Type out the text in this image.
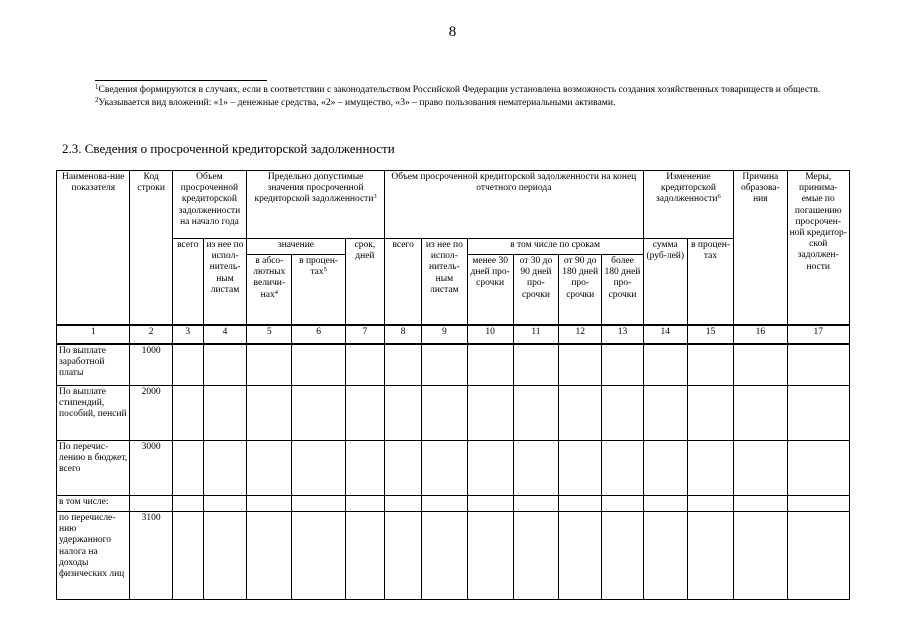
8
$^1$Сведения формируются в случаях, если в соответствии с законодательством Российской Федерации установлена возможность создания хозяйственных товариществ и обществ.
$^2$Указывается вид вложений: «1» – денежные средства, «2» – имущество, «3» – право пользования нематериальными активами.
2.3. Сведения о просроченной кредиторской задолженности
Наименова-ние показателя	Код строки	Объем просроченной кредиторской задолженности на начало года		Предельно допустимые значения просроченной кредиторской задолженности$^3$			Объем просроченной кредиторской задолженности на конец отчетного периода						Изменение кредиторской задолженности$^6$		Причина образова-ния	Меры, принима-емые по погашению просрочен-ной кредитор-ской задолжен-ности
		всего	из нее по испол-нитель-ным листам	значение		срок, дней	всего	из нее по испол-нитель-ным листам	в том числе по срокам				сумма (руб-лей)	в процен-тах		
				в абсо-лютных величи-нах$^4$	в процен-тах$^5$				менее 30 дней про-срочки	от 30 до 90 дней про-срочки	от 90 до 180 дней про-срочки	более 180 дней про-срочки				
1	2	3	4	5	6	7	8	9	10	11	12	13	14	15	16	17
По выплате заработной платы	1000															
По выплате стипендий, пособий, пенсий	2000															
По перечис-лению в бюджет, всего	3000															
в том числе:																
по перечисле-нию удержанного налога на доходы физических лиц	3100															
